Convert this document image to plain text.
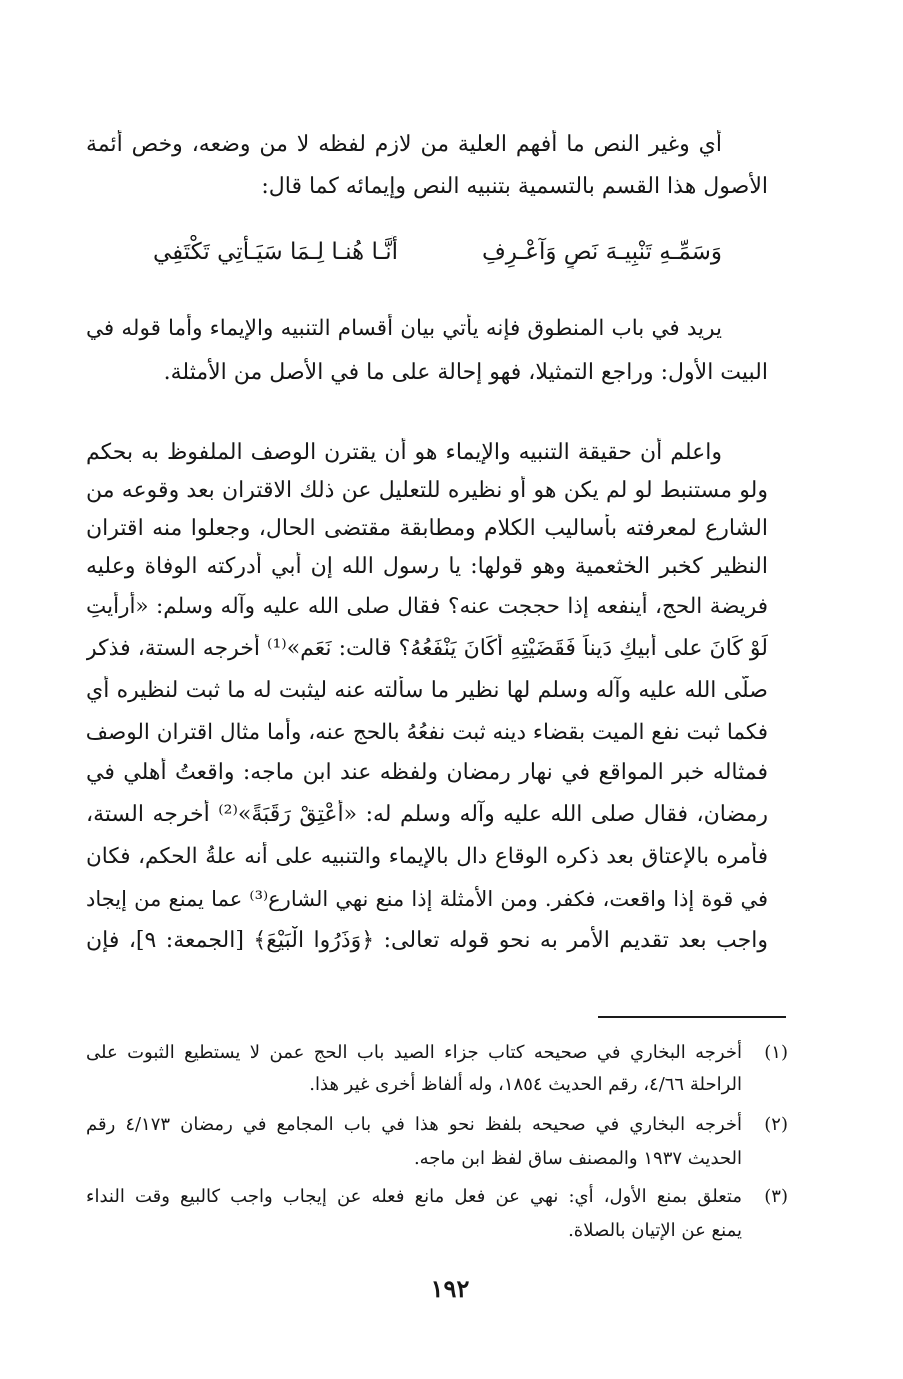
أي وغير النص ما أفهم العلية من لازم لفظه لا من وضعه، وخص أئمة
الأصول هذا القسم بالتسمية بتنبيه النص وإيمائه كما قال:
وَسَمِّـهِ تَنْبِيـهَ نَصٍ وَآعْـرِفِ
أَنَّـا هُنـا لِـمَا سَيَـأْتِي تَكْتَفِي
يريد في باب المنطوق فإنه يأتي بيان أقسام التنبيه والإيماء وأما قوله في
البيت الأول: وراجع التمثيلا، فهو إحالة على ما في الأصل من الأمثلة.
واعلم أن حقيقة التنبيه والإيماء هو أن يقترن الوصف الملفوظ به بحكم
ولو مستنبط لو لم يكن هو أو نظيره للتعليل عن ذلك الاقتران بعد وقوعه من
الشارع لمعرفته بأساليب الكلام ومطابقة مقتضى الحال، وجعلوا منه اقتران
النظير كخبر الخثعمية وهو قولها: يا رسول الله إن أبي أدركته الوفاة وعليه
فريضة الحج، أينفعه إذا حججت عنه؟ فقال صلى الله عليه وآله وسلم: «أرأيتِ
لَوْ كَانَ على أبيكِ دَيناً فَقَضَيْتِهِ أَكَانَ يَنْفَعُهُ؟ قالت: نَعَم»⁽¹⁾ أخرجه الستة، فذكر
صلّى الله عليه وآله وسلم لها نظير ما سألته عنه ليثبت له ما ثبت لنظيره أي
فكما ثبت نفع الميت بقضاء دينه ثبت نفعُهُ بالحج عنه، وأما مثال اقتران الوصف
فمثاله خبر المواقع في نهار رمضان ولفظه عند ابن ماجه: واقعتُ أهلي في
رمضان، فقال صلى الله عليه وآله وسلم له: «أَعْتِقْ رَقَبَةً»⁽²⁾ أخرجه الستة،
فأمره بالإعتاق بعد ذكره الوقاع دال بالإيماء والتنبيه على أنه علةُ الحكم، فكان
في قوة إذا واقعت، فكفر. ومن الأمثلة إذا منع نهي الشارع⁽³⁾ عما يمنع من إيجاد
واجب بعد تقديم الأمر به نحو قوله تعالى: ﴿وَذَرُوا الْبَيْعَ﴾ [الجمعة: ٩]، فإن
(١)
أخرجه البخاري في صحيحه كتاب جزاء الصيد باب الحج عمن لا يستطيع الثبوت على
الراحلة ٤/٦٦، رقم الحديث ١٨٥٤، وله ألفاظ أخرى غير هذا.
(٢)
أخرجه البخاري في صحيحه بلفظ نحو هذا في باب المجامع في رمضان ٤/١٧٣ رقم
الحديث ١٩٣٧ والمصنف ساق لفظ ابن ماجه.
(٣)
متعلق بمنع الأول، أي: نهي عن فعل مانع فعله عن إيجاب واجب كالبيع وقت النداء
يمنع عن الإتيان بالصلاة.
١٩٢
